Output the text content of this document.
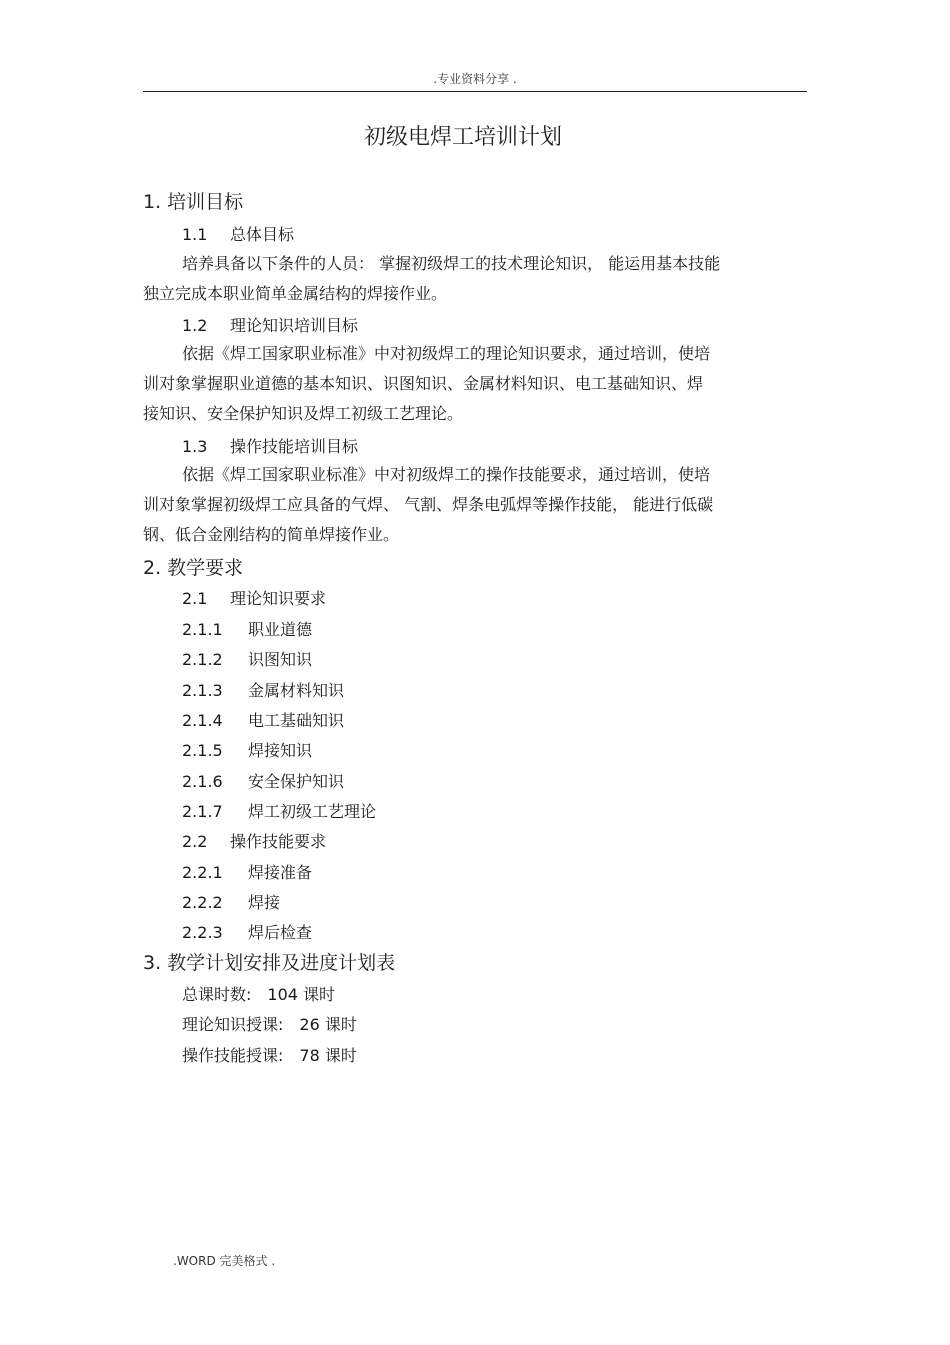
.专业资料分享 .
初级电焊工培训计划
1. 培训目标
1.1 总体目标
培养具备以下条件的人员： 掌握初级焊工的技术理论知识， 能运用基本技能
独立完成本职业简单金属结构的焊接作业。
1.2 理论知识培训目标
依据《焊工国家职业标准》中对初级焊工的理论知识要求，通过培训，使培
训对象掌握职业道德的基本知识、识图知识、金属材料知识、电工基础知识、焊
接知识、安全保护知识及焊工初级工艺理论。
1.3 操作技能培训目标
依据《焊工国家职业标准》中对初级焊工的操作技能要求，通过培训，使培
训对象掌握初级焊工应具备的气焊、 气割、焊条电弧焊等操作技能， 能进行低碳
钢、低合金刚结构的简单焊接作业。
2. 教学要求
2.1 理论知识要求
2.1.1 职业道德
2.1.2 识图知识
2.1.3 金属材料知识
2.1.4 电工基础知识
2.1.5 焊接知识
2.1.6 安全保护知识
2.1.7 焊工初级工艺理论
2.2 操作技能要求
2.2.1 焊接准备
2.2.2 焊接
2.2.3 焊后检查
3. 教学计划安排及进度计划表
总课时数: 104 课时
理论知识授课: 26 课时
操作技能授课: 78 课时
.WORD 完美格式 .
